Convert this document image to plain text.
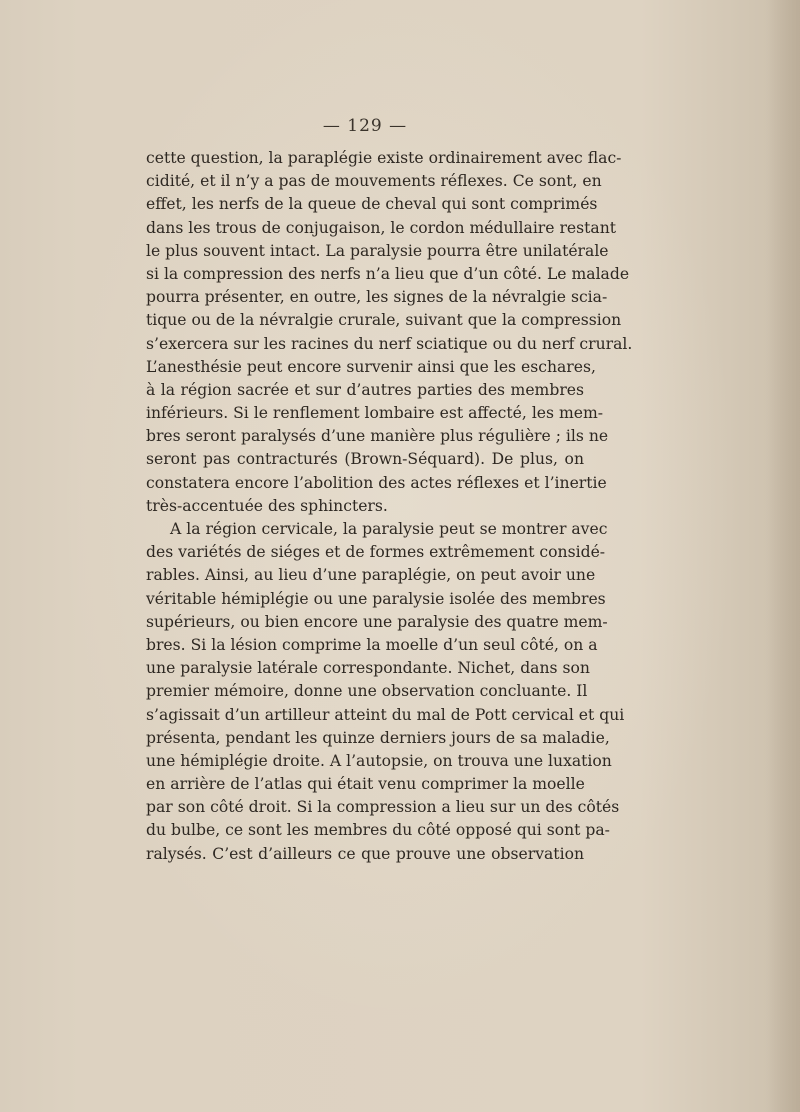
— 129 —
cette question, la paraplégie existe ordinairement avec flac-
cidité, et il n’y a pas de mouvements réflexes. Ce sont, en
effet, les nerfs de la queue de cheval qui sont comprimés
dans les trous de conjugaison, le cordon médullaire restant
le plus souvent intact. La paralysie pourra être unilatérale
si la compression des nerfs n’a lieu que d’un côté. Le malade
pourra présenter, en outre, les signes de la névralgie scia-
tique ou de la névralgie crurale, suivant que la compression
s’exercera sur les racines du nerf sciatique ou du nerf crural.
L’anesthésie peut encore survenir ainsi que les eschares,
à la région sacrée et sur d’autres parties des membres
inférieurs. Si le renflement lombaire est affecté, les mem-
bres seront paralysés d’une manière plus régulière ; ils ne
seront pas contracturés (Brown-Séquard). De plus, on
constatera encore l’abolition des actes réflexes et l’inertie
très-accentuée des sphincters.
A la région cervicale, la paralysie peut se montrer avec
des variétés de siéges et de formes extrêmement considé-
rables. Ainsi, au lieu d’une paraplégie, on peut avoir une
véritable hémiplégie ou une paralysie isolée des membres
supérieurs, ou bien encore une paralysie des quatre mem-
bres. Si la lésion comprime la moelle d’un seul côté, on a
une paralysie latérale correspondante. Nichet, dans son
premier mémoire, donne une observation concluante. Il
s’agissait d’un artilleur atteint du mal de Pott cervical et qui
présenta, pendant les quinze derniers jours de sa maladie,
une hémiplégie droite. A l’autopsie, on trouva une luxation
en arrière de l’atlas qui était venu comprimer la moelle
par son côté droit. Si la compression a lieu sur un des côtés
du bulbe, ce sont les membres du côté opposé qui sont pa-
ralysés. C’est d’ailleurs ce que prouve une observation
